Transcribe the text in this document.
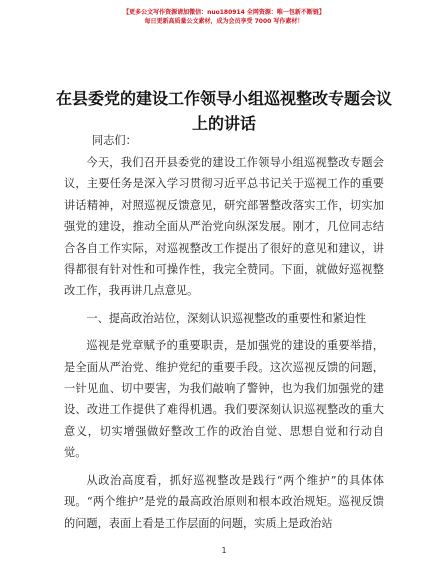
【更多公文写作资源请加微信：nuo180914 全网资源：唯一包新不断链】
每日更新高质量公文素材，成为会员享受 7000 写作素材！
在县委党的建设工作领导小组巡视整改专题会议上的讲话
同志们：

今天，我们召开县委党的建设工作领导小组巡视整改专题会议，主要任务是深入学习贯彻习近平总书记关于巡视工作的重要讲话精神，对照巡视反馈意见，研究部署整改落实工作，切实加强党的建设，推动全面从严治党向纵深发展。刚才，几位同志结合各自工作实际，对巡视整改工作提出了很好的意见和建议，讲得都很有针对性和可操作性，我完全赞同。下面，就做好巡视整改工作，我再讲几点意见。

一、提高政治站位，深刻认识巡视整改的重要性和紧迫性

巡视是党章赋予的重要职责，是加强党的建设的重要举措，是全面从严治党、维护党纪的重要手段。这次巡视反馈的问题，一针见血、切中要害，为我们敲响了警钟，也为我们加强党的建设、改进工作提供了难得机遇。我们要深刻认识巡视整改的重大意义，切实增强做好整改工作的政治自觉、思想自觉和行动自觉。

从政治高度看，抓好巡视整改是践行“两个维护”的具体体现。“两个维护”是党的最高政治原则和根本政治规矩。巡视反馈的问题，表面上看是工作层面的问题，实质上是政治站

1
